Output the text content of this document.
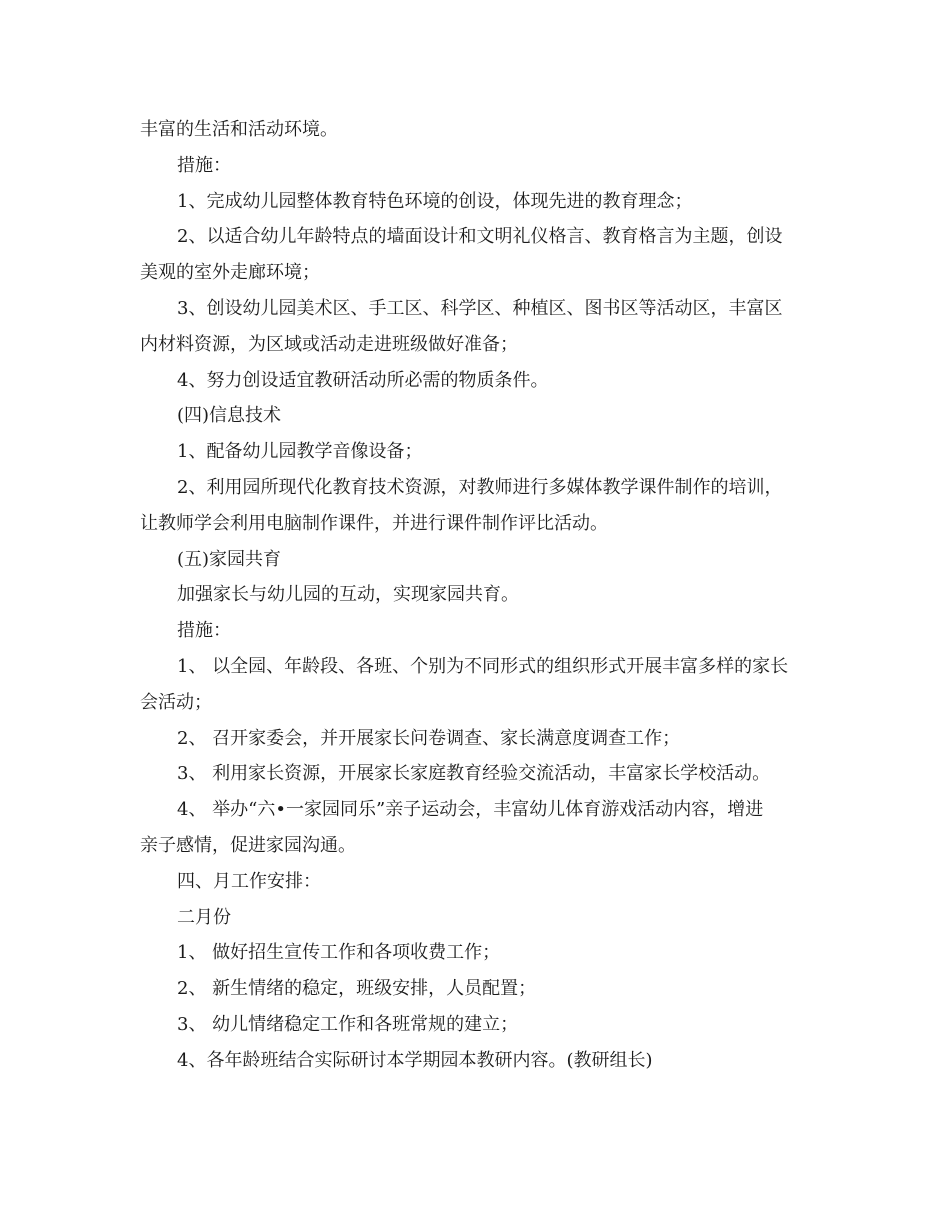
丰富的生活和活动环境。

措施：

1、完成幼儿园整体教育特色环境的创设，体现先进的教育理念；

2、以适合幼儿年龄特点的墙面设计和文明礼仪格言、教育格言为主题，创设
美观的室外走廊环境；

3、创设幼儿园美术区、手工区、科学区、种植区、图书区等活动区，丰富区
内材料资源，为区域或活动走进班级做好准备；

4、努力创设适宜教研活动所必需的物质条件。

(四)信息技术

1、配备幼儿园教学音像设备；

2、利用园所现代化教育技术资源，对教师进行多媒体教学课件制作的培训，
让教师学会利用电脑制作课件，并进行课件制作评比活动。

(五)家园共育

加强家长与幼儿园的互动，实现家园共育。

措施：

1、 以全园、年龄段、各班、个别为不同形式的组织形式开展丰富多样的家长
会活动；

2、 召开家委会，并开展家长问卷调查、家长满意度调查工作；

3、 利用家长资源，开展家长家庭教育经验交流活动，丰富家长学校活动。

4、 举办“六•一家园同乐”亲子运动会，丰富幼儿体育游戏活动内容，增进
亲子感情，促进家园沟通。

四、月工作安排：

二月份

1、 做好招生宣传工作和各项收费工作；

2、 新生情绪的稳定，班级安排，人员配置；

3、 幼儿情绪稳定工作和各班常规的建立；

4、各年龄班结合实际研讨本学期园本教研内容。(教研组长)
